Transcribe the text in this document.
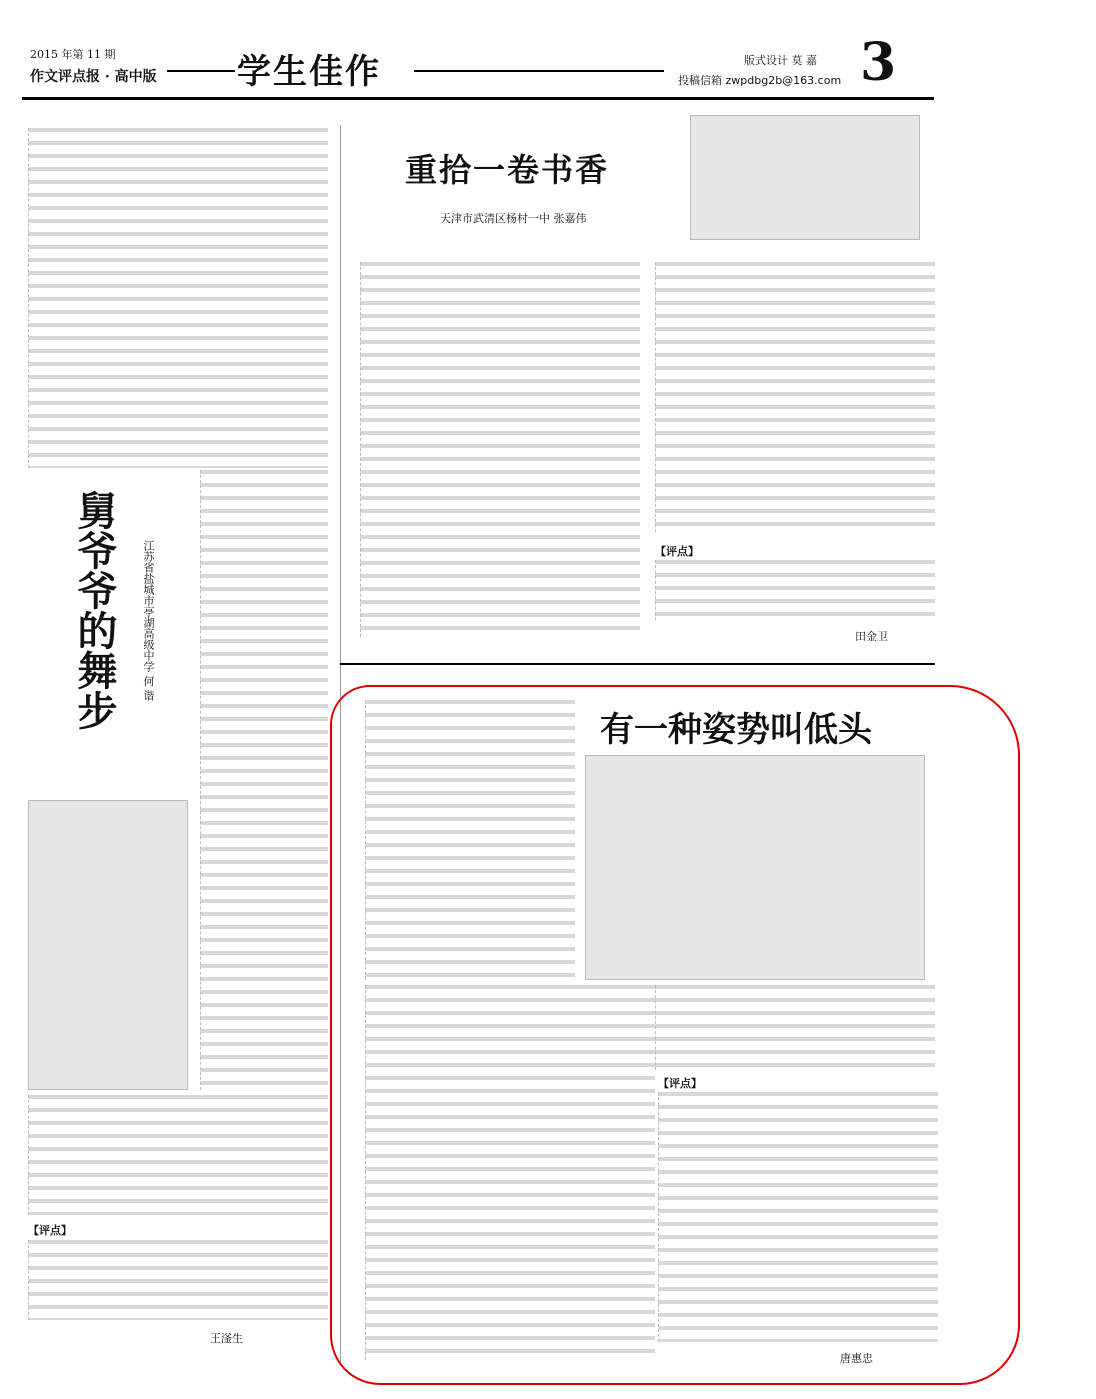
2015 年第 11 期
作文评点报 · 高中版 学生佳作	版式设计 莫 嘉
投稿信箱 zwpdbg2b@163.com 3
舅爷爷的舞步 江苏省盐城市亭湖高级中学 何 谐
【评点】
王滏生
重拾一卷书香
天津市武清区杨村一中 张嘉伟
【评点】
田金卫
有一种姿势叫低头
【评点】
唐惠忠
